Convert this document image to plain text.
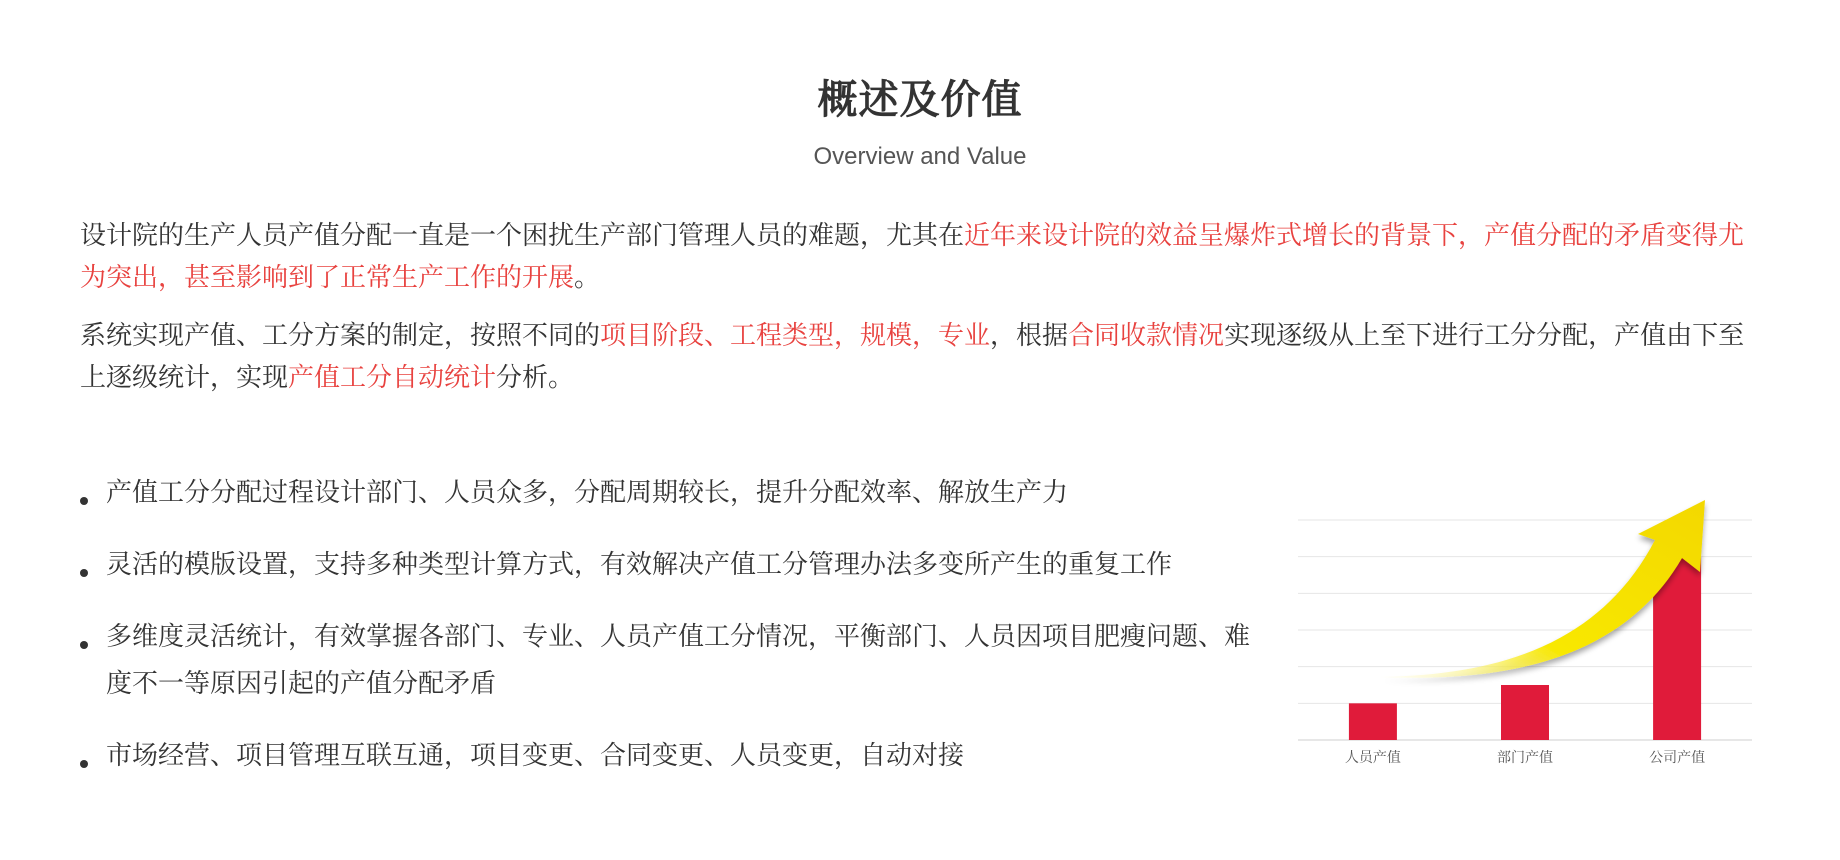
概述及价值
Overview and Value

设计院的生产人员产值分配一直是一个困扰生产部门管理人员的难题，尤其在近年来设计院的效益呈爆炸式增长的背景下，产值分配的矛盾变得尤为突出，甚至影响到了正常生产工作的开展。

系统实现产值、工分方案的制定，按照不同的项目阶段、工程类型，规模，专业，根据合同收款情况实现逐级从上至下进行工分分配，产值由下至上逐级统计，实现产值工分自动统计分析。

产值工分分配过程设计部门、人员众多，分配周期较长，提升分配效率、解放生产力
灵活的模版设置，支持多种类型计算方式，有效解决产值工分管理办法多变所产生的重复工作
多维度灵活统计，有效掌握各部门、专业、人员产值工分情况，平衡部门、人员因项目肥瘦问题、难度不一等原因引起的产值分配矛盾
市场经营、项目管理互联互通，项目变更、合同变更、人员变更，自动对接	人员产值	部门产值	公司产值
